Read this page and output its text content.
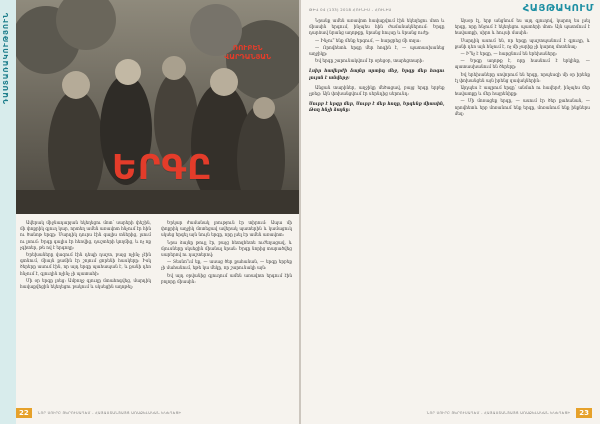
ԴԱՍՏԱՌԱԿՈՒԹՅՈՒՆ	ՌՈՒԲԵՆ
ՎԱՐԴԱՆՅԱՆ
ԵՐԳԸ

Ավերակ միջնադարյան եկեղեցու մոտ՝ սարերի փեշին, մի փոքրիկ գյուղ կար, որտեղ ամեն առավոտ հնչում էր հին ու ծանոթ երգը: Մարդիկ դուրս էին գալիս տներից, լսում ու լռում: Երգը գալիս էր հեռվից, դաշտերի կողմից, և ոչ ոք չգիտեր, թե ով է երգողը:

Երեխաները վազում էին դեպի դաշտ, բայց ոչինչ չէին գտնում, միայն քամին էր շոյում ցորենի հասկերը: Իսկ ծերերը ասում էին, որ այդ երգը պահապան է, և քանի դեռ հնչում է, գյուղին ոչինչ չի պատահի:

Մի օր երգը լռեց: Ամբողջ գյուղը մտահոգվեց, մարդիկ հավաքվեցին եկեղեցու բակում և սկսեցին աղոթել:

Երկար ժամանակ լռություն էր տիրում: Ապա մի փոքրիկ աղջիկ մոտեցավ ավերակ պատերին և կամացուկ սկսեց երգել այն նույն երգը, որը լսել էր ամեն առավոտ:

Նրա ձայնը թույլ էր, բայց հետզհետե ուժեղացավ, և մյուսները սկսեցին միանալ նրան: Երգը նորից տարածվեց սարերով ու դաշտերով:

— Տեսնո՞ւմ եք, — ասաց ծեր քահանան, — երգը երբեք չի մահանում, եթե կա մեկը, որ շարունակի այն:

Եվ այդ օրվանից գյուղում ամեն առավոտ երգում էին բոլորը միասին:

22	ՆՈՐ ՍՈՒՐԲ ՅԵՐՈՒՍԱՂԵՄ - ՀԱՅԱՍՏԱՆՅԱՅՑ ԱՌԱՔԵԼԱԿԱՆ ԵԿԵՂԵՑԻ
ԹԻՎ 04 (133) 2018 ՀՈՒՆԻՍ - ՀՈՒԼԻՍ	ՀԱՅԹԱԿՈՒՄ

Նրանք ամեն առավոտ հավաքվում էին եկեղեցու մոտ և միասին երգում, ինչպես հին ժամանակներում: Երգը դարձավ նրանց աղոթքը, նրանց հույսը և նրանց ուժը:

— Ինչու՞ ենք մենք երգում, — հարցրեց մի տղա:

— Որովհետև երգը մեր հոգին է, — պատասխանեց աղջիկը:

Եվ երգը շարունակվում էր օրեցօր, տարեցտարի:

Լսիր հավերժի ձայնը սրտիդ մեջ, Երգը մեր հոգու լույսն է անվերջ:

Անցան տարիներ, աղջիկը մեծացավ, բայց երգը երբեք չլռեց: Այն փոխանցվում էր սերնդից սերունդ:

Սուրբ է երգը մեր, Սուրբ է մեր հողը, Երգենք միասին, Թող հնչի ձայնը:

Այսօր էլ, երբ անցնում ես այդ գյուղով, կարող ես լսել երգը, որը հնչում է եկեղեցու պատերի մոտ: Այն պատմում է հավատքի, սիրո և հույսի մասին:

Մարդիկ ասում են, որ երգը պաշտպանում է գյուղը, և քանի դեռ այն հնչում է, ոչ մի չարիք չի կարող մոտենալ:

— Ի՞նչ է երգը, — հարցնում են երեխաները:

— Երգը աղոթք է, որը հասնում է երկինք, — պատասխանում են ծերերը:

Եվ երեխաները սովորում են երգը, որպեսզի մի օր իրենք էլ փոխանցեն այն իրենց զավակներին:

Այդպես է ապրում երգը՝ անմահ ու հավերժ, ինչպես մեր հավատքը և մեր հայրենիքը:

— Մի մոռացեք երգը, — ասում էր ծեր քահանան, — որովհետև երբ մոռանում ենք երգը, մոռանում ենք ինքներս մեզ:

ՆՈՐ ՍՈՒՐԲ ՅԵՐՈՒՍԱՂԵՄ - ՀԱՅԱՍՏԱՆՅԱՅՑ ԱՌԱՔԵԼԱԿԱՆ ԵԿԵՂԵՑԻ	23
